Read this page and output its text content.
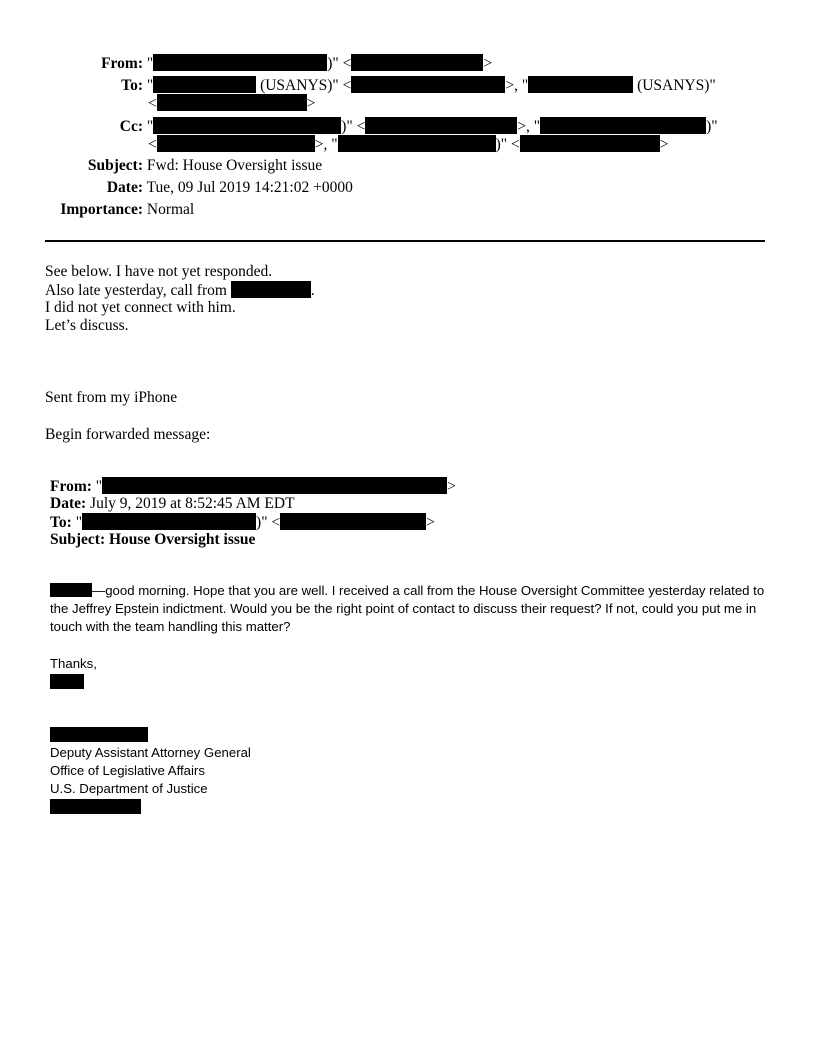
From: "	)" <	>
To: "	(USANYS)" <	>, "	(USANYS)"
<	>
Cc: "	)" <	>, "	)"
<	>, "	)" <	>
Subject: Fwd: House Oversight issue
Date: Tue, 09 Jul 2019 14:21:02 +0000
Importance: Normal
See below. I have not yet responded.
Also late yesterday, call from	.
I did not yet connect with him.
Let’s discuss.
Sent from my iPhone
Begin forwarded message:
From: "	>
Date: July 9, 2019 at 8:52:45 AM EDT
To: "	)" <	>
Subject: House Oversight issue
—good morning. Hope that you are well. I received a call from the House Oversight Committee yesterday related to the Jeffrey Epstein indictment. Would you be the right point of contact to discuss their request? If not, could you put me in touch with the team handling this matter?
Thanks,
Deputy Assistant Attorney General
Office of Legislative Affairs
U.S. Department of Justice
